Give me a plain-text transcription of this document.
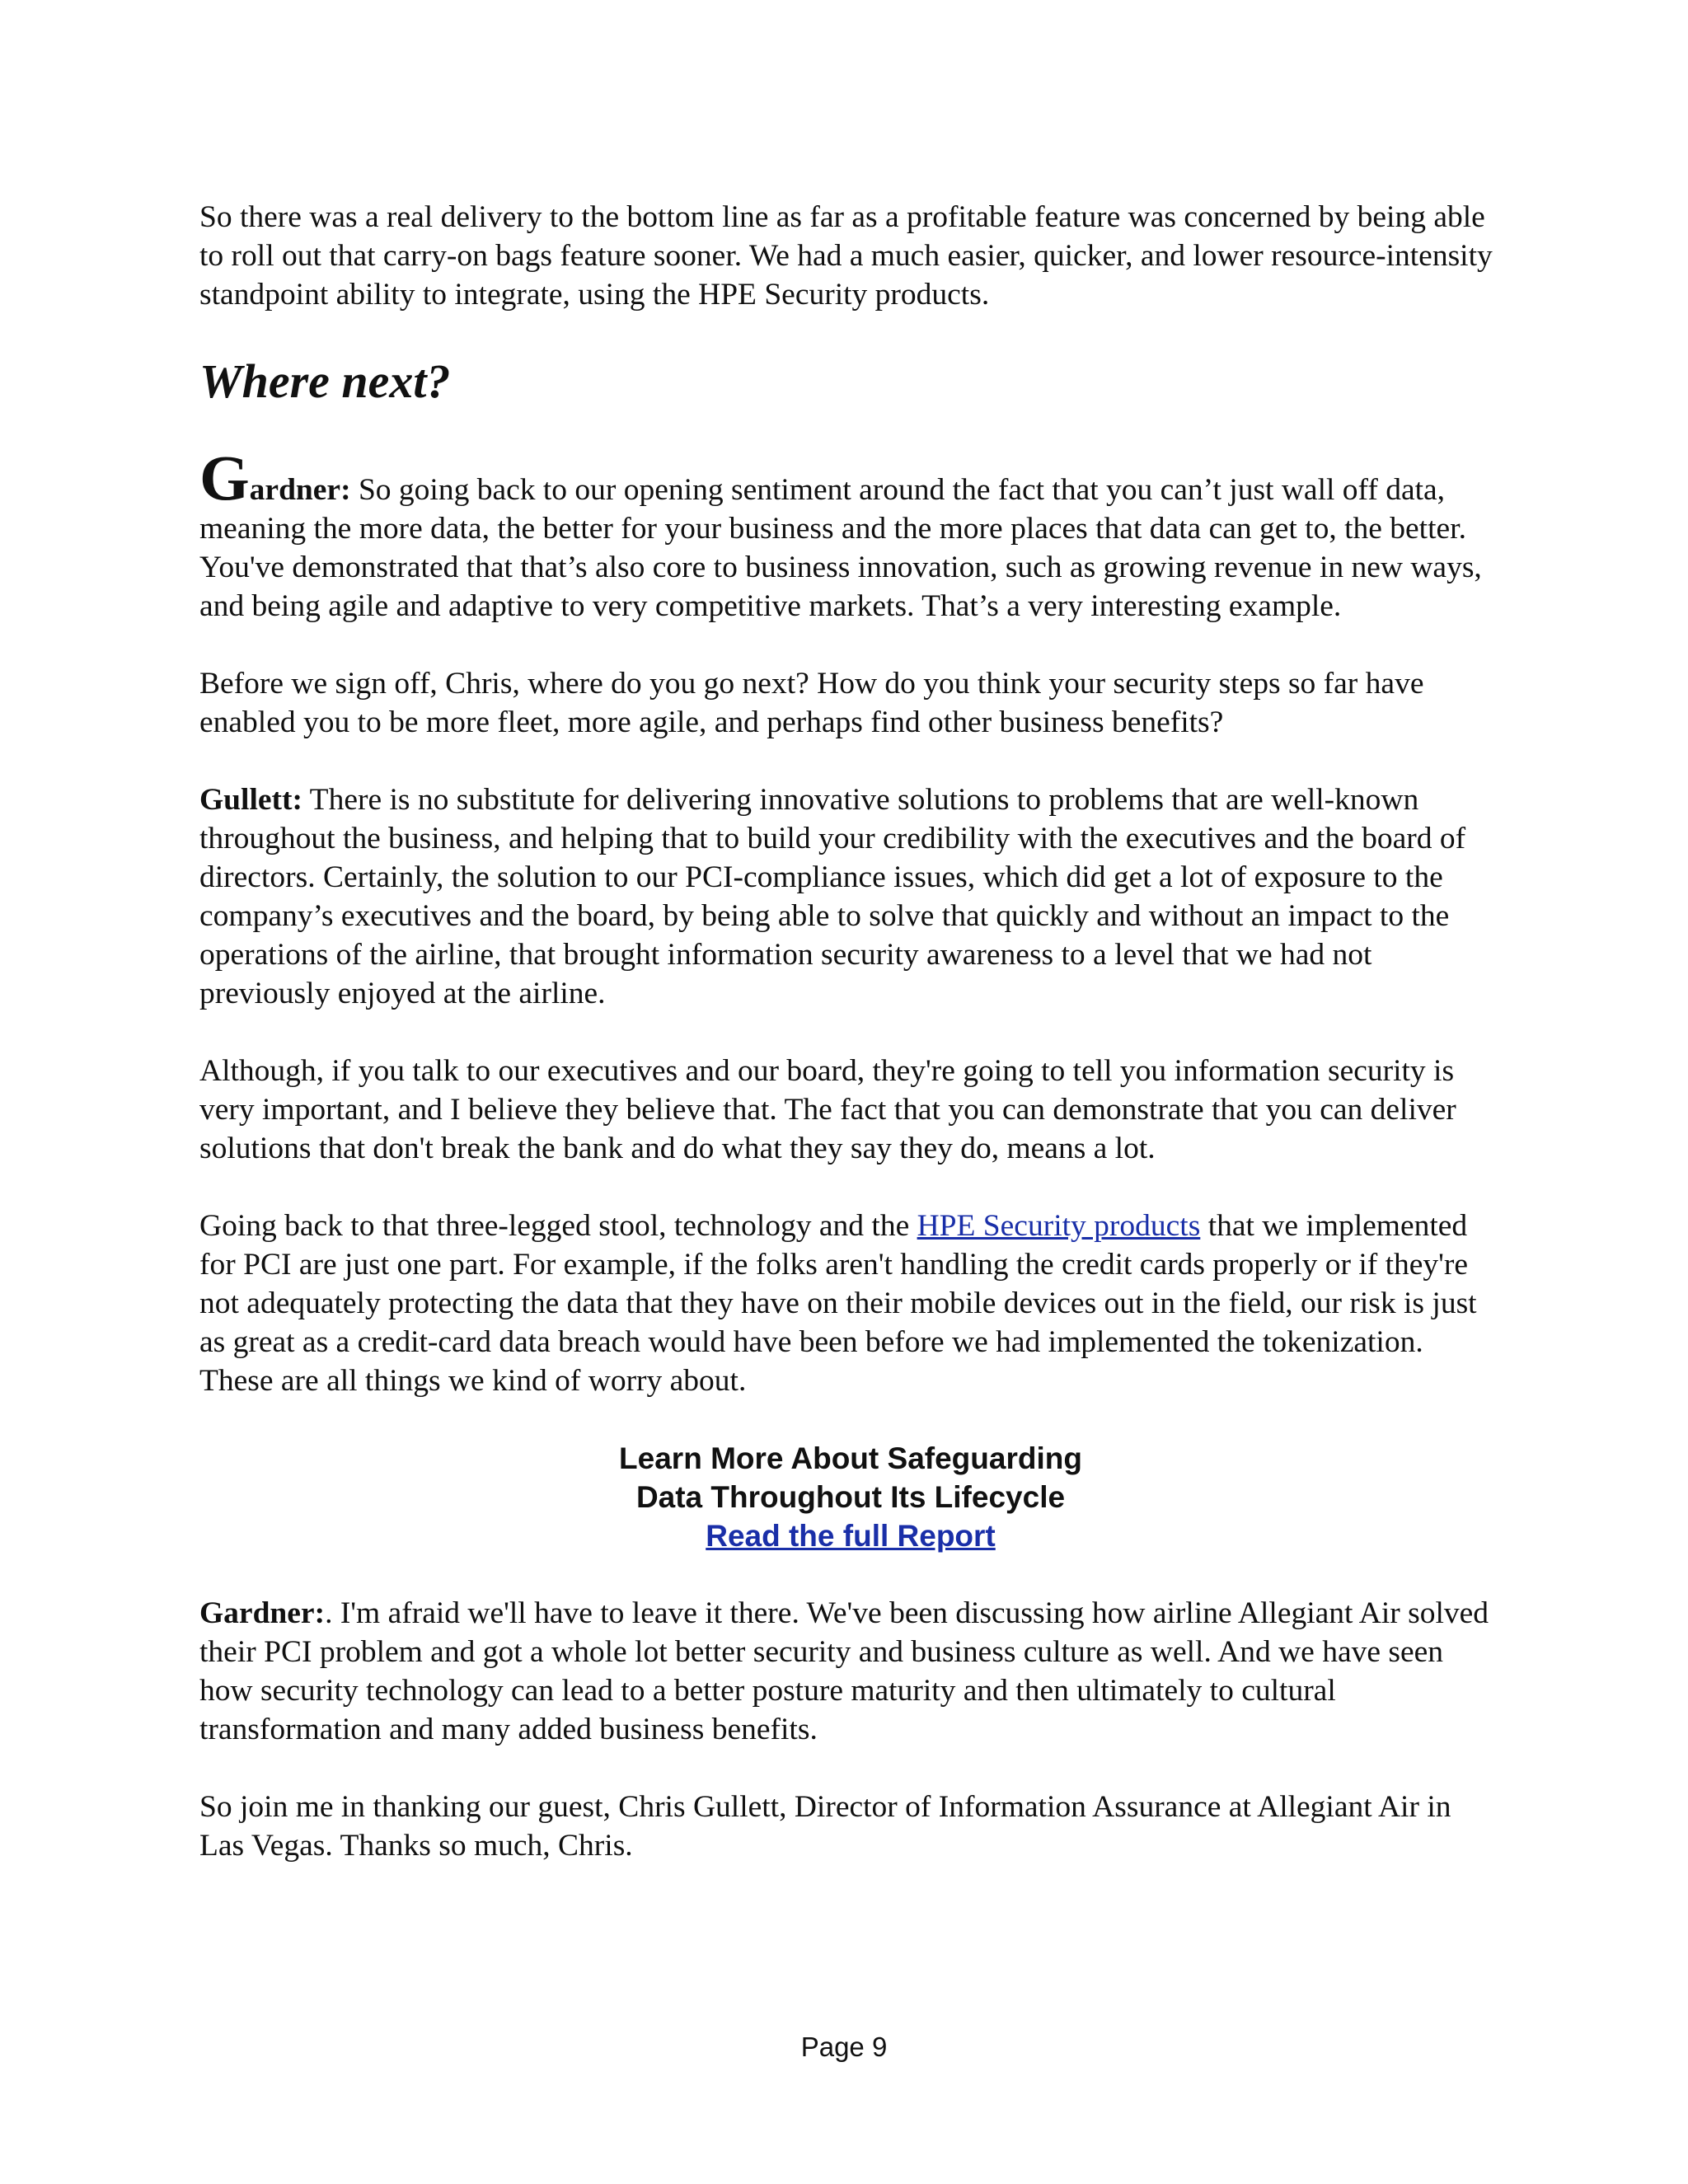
So there was a real delivery to the bottom line as far as a profitable feature was concerned by being able to roll out that carry-on bags feature sooner. We had a much easier, quicker, and lower resource-intensity standpoint ability to integrate, using the HPE Security products.

Where next?

Gardner: So going back to our opening sentiment around the fact that you can’t just wall off data, meaning the more data, the better for your business and the more places that data can get to, the better. You've demonstrated that that’s also core to business innovation, such as growing revenue in new ways, and being agile and adaptive to very competitive markets. That’s a very interesting example.

Before we sign off, Chris, where do you go next? How do you think your security steps so far have enabled you to be more fleet, more agile, and perhaps find other business benefits?

Gullett: There is no substitute for delivering innovative solutions to problems that are well-known throughout the business, and helping that to build your credibility with the executives and the board of directors. Certainly, the solution to our PCI-compliance issues, which did get a lot of exposure to the company’s executives and the board, by being able to solve that quickly and without an impact to the operations of the airline, that brought information security awareness to a level that we had not previously enjoyed at the airline.

Although, if you talk to our executives and our board, they're going to tell you information security is very important, and I believe they believe that. The fact that you can demonstrate that you can deliver solutions that don't break the bank and do what they say they do, means a lot.

Going back to that three-legged stool, technology and the HPE Security products that we implemented for PCI are just one part. For example, if the folks aren't handling the credit cards properly or if they're not adequately protecting the data that they have on their mobile devices out in the field, our risk is just as great as a credit-card data breach would have been before we had implemented the tokenization. These are all things we kind of worry about.

Learn More About Safeguarding
Data Throughout Its Lifecycle
Read the full Report

Gardner:. I'm afraid we'll have to leave it there. We've been discussing how airline Allegiant Air solved their PCI problem and got a whole lot better security and business culture as well. And we have seen how security technology can lead to a better posture maturity and then ultimately to cultural transformation and many added business benefits.

So join me in thanking our guest, Chris Gullett, Director of Information Assurance at Allegiant Air in Las Vegas. Thanks so much, Chris.

Page 9
